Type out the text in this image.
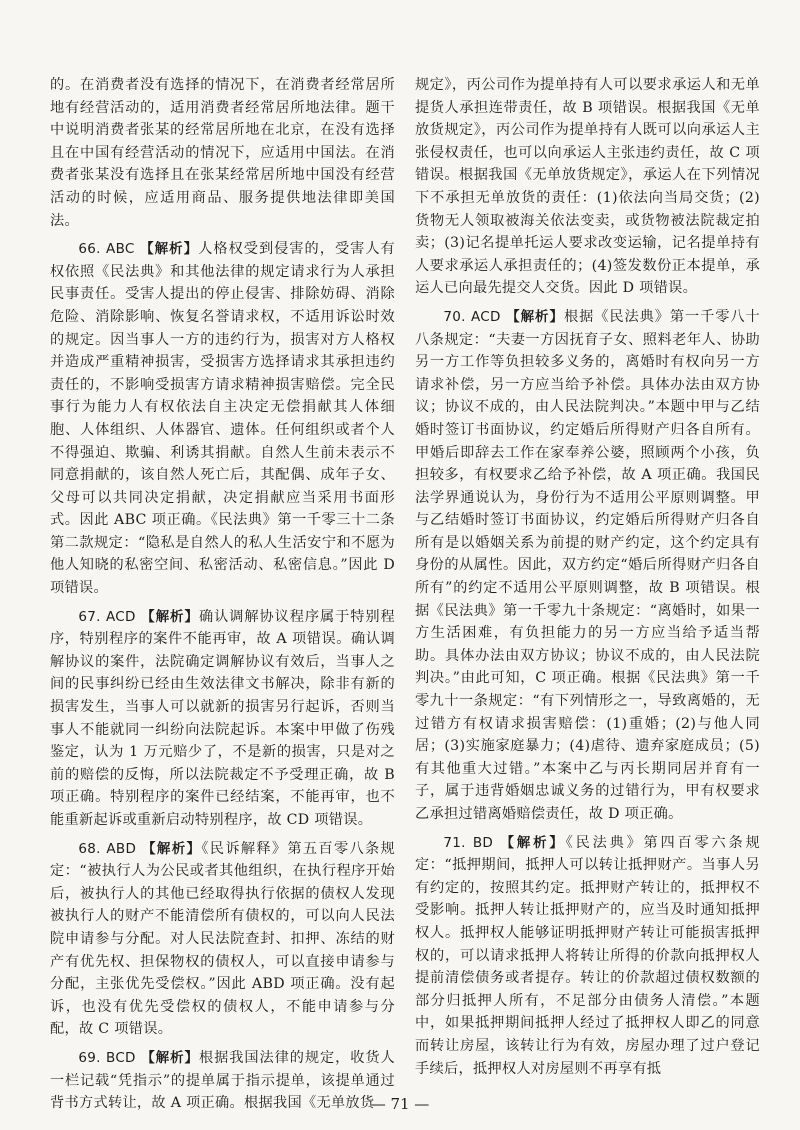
的。在消费者没有选择的情况下，在消费者经常居所地有经营活动的，适用消费者经常居所地法律。题干中说明消费者张某的经常居所地在北京，在没有选择且在中国有经营活动的情况下，应适用中国法。在消费者张某没有选择且在张某经常居所地中国没有经营活动的时候，应适用商品、服务提供地法律即美国法。

66. ABC 【解析】人格权受到侵害的，受害人有权依照《民法典》和其他法律的规定请求行为人承担民事责任。受害人提出的停止侵害、排除妨碍、消除危险、消除影响、恢复名誉请求权，不适用诉讼时效的规定。因当事人一方的违约行为，损害对方人格权并造成严重精神损害，受损害方选择请求其承担违约责任的，不影响受损害方请求精神损害赔偿。完全民事行为能力人有权依法自主决定无偿捐献其人体细胞、人体组织、人体器官、遗体。任何组织或者个人不得强迫、欺骗、利诱其捐献。自然人生前未表示不同意捐献的，该自然人死亡后，其配偶、成年子女、父母可以共同决定捐献，决定捐献应当采用书面形式。因此 ABC 项正确。《民法典》第一千零三十二条第二款规定：“隐私是自然人的私人生活安宁和不愿为他人知晓的私密空间、私密活动、私密信息。”因此 D 项错误。

67. ACD 【解析】确认调解协议程序属于特别程序，特别程序的案件不能再审，故 A 项错误。确认调解协议的案件，法院确定调解协议有效后，当事人之间的民事纠纷已经由生效法律文书解决，除非有新的损害发生，当事人可以就新的损害另行起诉，否则当事人不能就同一纠纷向法院起诉。本案中甲做了伤残鉴定，认为 1 万元赔少了，不是新的损害，只是对之前的赔偿的反悔，所以法院裁定不予受理正确，故 B 项正确。特别程序的案件已经结案，不能再审，也不能重新起诉或重新启动特别程序，故 CD 项错误。

68. ABD 【解析】《民诉解释》第五百零八条规定：“被执行人为公民或者其他组织，在执行程序开始后，被执行人的其他已经取得执行依据的债权人发现被执行人的财产不能清偿所有债权的，可以向人民法院申请参与分配。对人民法院查封、扣押、冻结的财产有优先权、担保物权的债权人，可以直接申请参与分配，主张优先受偿权。”因此 ABD 项正确。没有起诉，也没有优先受偿权的债权人，不能申请参与分配，故 C 项错误。

69. BCD 【解析】根据我国法律的规定，收货人一栏记载“凭指示”的提单属于指示提单，该提单通过背书方式转让，故 A 项正确。根据我国《无单放货

规定》，丙公司作为提单持有人可以要求承运人和无单提货人承担连带责任，故 B 项错误。根据我国《无单放货规定》，丙公司作为提单持有人既可以向承运人主张侵权责任，也可以向承运人主张违约责任，故 C 项错误。根据我国《无单放货规定》，承运人在下列情况下不承担无单放货的责任：(1)依法向当局交货；(2)货物无人领取被海关依法变卖，或货物被法院裁定拍卖；(3)记名提单托运人要求改变运输，记名提单持有人要求承运人承担责任的；(4)签发数份正本提单，承运人已向最先提交人交货。因此 D 项错误。

70. ACD 【解析】根据《民法典》第一千零八十八条规定：“夫妻一方因抚育子女、照料老年人、协助另一方工作等负担较多义务的，离婚时有权向另一方请求补偿，另一方应当给予补偿。具体办法由双方协议；协议不成的，由人民法院判决。”本题中甲与乙结婚时签订书面协议，约定婚后所得财产归各自所有。甲婚后即辞去工作在家奉养公婆，照顾两个小孩，负担较多，有权要求乙给予补偿，故 A 项正确。我国民法学界通说认为，身份行为不适用公平原则调整。甲与乙结婚时签订书面协议，约定婚后所得财产归各自所有是以婚姻关系为前提的财产约定，这个约定具有身份的从属性。因此，双方约定“婚后所得财产归各自所有”的约定不适用公平原则调整，故 B 项错误。根据《民法典》第一千零九十条规定：“离婚时，如果一方生活困难，有负担能力的另一方应当给予适当帮助。具体办法由双方协议；协议不成的，由人民法院判决。”由此可知，C 项正确。根据《民法典》第一千零九十一条规定：“有下列情形之一，导致离婚的，无过错方有权请求损害赔偿：(1)重婚；(2)与他人同居；(3)实施家庭暴力；(4)虐待、遗弃家庭成员；(5)有其他重大过错。”本案中乙与丙长期同居并育有一子，属于违背婚姻忠诚义务的过错行为，甲有权要求乙承担过错离婚赔偿责任，故 D 项正确。

71. BD 【解析】《民法典》第四百零六条规定：“抵押期间，抵押人可以转让抵押财产。当事人另有约定的，按照其约定。抵押财产转让的，抵押权不受影响。抵押人转让抵押财产的，应当及时通知抵押权人。抵押权人能够证明抵押财产转让可能损害抵押权的，可以请求抵押人将转让所得的价款向抵押权人提前清偿债务或者提存。转让的价款超过债权数额的部分归抵押人所有，不足部分由债务人清偿。”本题中，如果抵押期间抵押人经过了抵押权人即乙的同意而转让房屋，该转让行为有效，房屋办理了过户登记手续后，抵押权人对房屋则不再享有抵

— 71 —
